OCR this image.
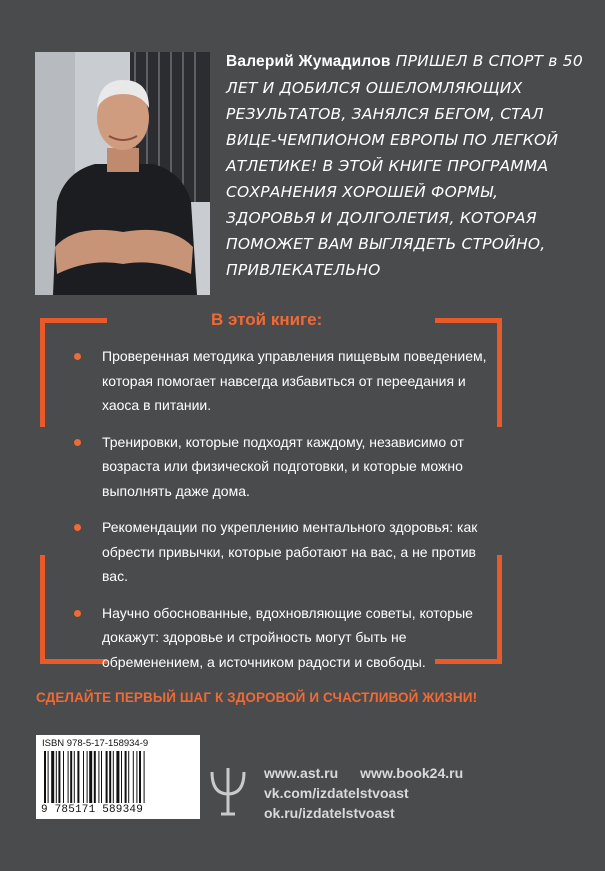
Валерий Жумадилов ПРИШЕЛ В СПОРТ в 50 ЛЕТ И ДОБИЛСЯ ОШЕЛОМЛЯЮЩИХ РЕЗУЛЬТАТОВ, ЗАНЯЛСЯ БЕГОМ, СТАЛ ВИЦЕ-ЧЕМПИОНОМ ЕВРОПЫ ПО ЛЕГКОЙ АТЛЕТИКЕ! В ЭТОЙ КНИГЕ ПРОГРАММА СОХРАНЕНИЯ ХОРОШЕЙ ФОРМЫ, ЗДОРОВЬЯ И ДОЛГОЛЕТИЯ, КОТОРАЯ ПОМОЖЕТ ВАМ ВЫГЛЯДЕТЬ СТРОЙНО, ПРИВЛЕКАТЕЛЬНО
В этой книге:
Проверенная методика управления пищевым поведением, которая помогает навсегда избавиться от переедания и хаоса в питании.
Тренировки, которые подходят каждому, независимо от возраста или физической подготовки, и которые можно выполнять даже дома.
Рекомендации по укреплению ментального здоровья: как обрести привычки, которые работают на вас, а не против вас.
Научно обоснованные, вдохновляющие советы, которые докажут: здоровье и стройность могут быть не обременением, а источником радости и свободы.
СДЕЛАЙТЕ ПЕРВЫЙ ШАГ К ЗДОРОВОЙ И СЧАСТЛИВОЙ ЖИЗНИ!
ISBN 978-5-17-158934-9
9 785171 589349
www.ast.ru www.book24.ru
vk.com/izdatelstvoast
ok.ru/izdatelstvoast
